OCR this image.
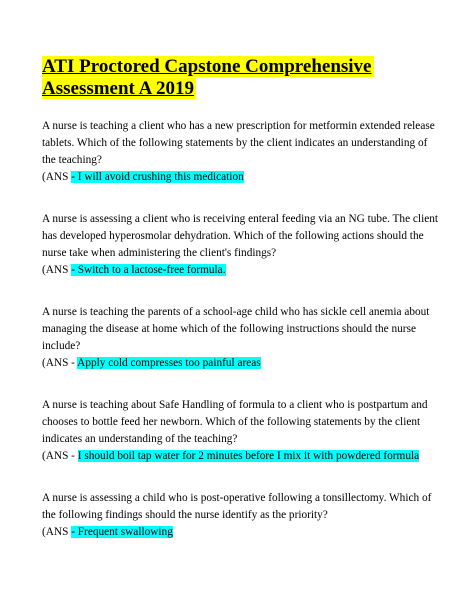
ATI Proctored Capstone Comprehensive
Assessment A 2019

A nurse is teaching a client who has a new prescription for metformin extended release tablets. Which of the following statements by the client indicates an understanding of the teaching?

(ANS - I will avoid crushing this medication

A nurse is assessing a client who is receiving enteral feeding via an NG tube. The client has developed hyperosmolar dehydration. Which of the following actions should the nurse take when administering the client's findings?

(ANS - Switch to a lactose-free formula.

A nurse is teaching the parents of a school-age child who has sickle cell anemia about managing the disease at home which of the following instructions should the nurse include?

(ANS - Apply cold compresses too painful areas

A nurse is teaching about Safe Handling of formula to a client who is postpartum and chooses to bottle feed her newborn. Which of the following statements by the client indicates an understanding of the teaching?

(ANS - I should boil tap water for 2 minutes before I mix it with powdered formula

A nurse is assessing a child who is post-operative following a tonsillectomy. Which of the following findings should the nurse identify as the priority?

(ANS - Frequent swallowing
